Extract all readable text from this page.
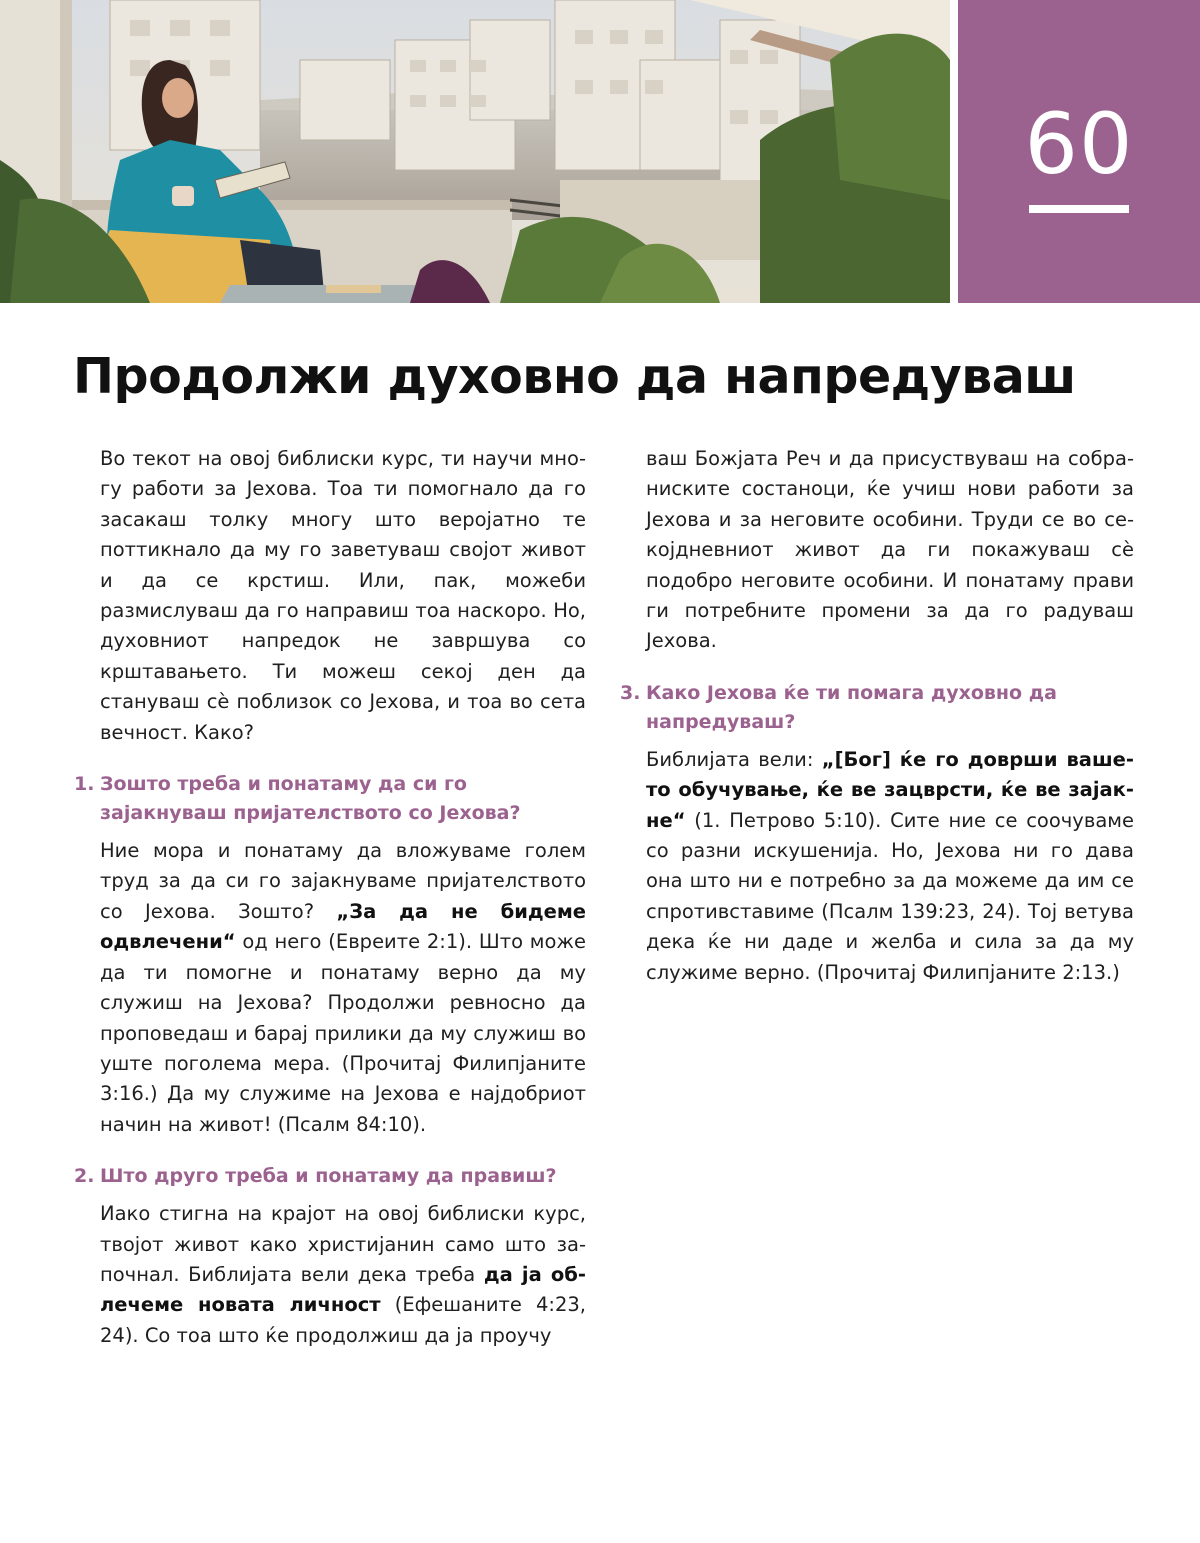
60
Продолжи духовно да напредуваш

Во текот на овој библиски курс, ти научи многу работи за Јехова. Тоа ти помогнало да го засакаш толку многу што веројатно те поттикнало да му го заветуваш својот живот и да се крстиш. Или, пак, можеби размислуваш да го направиш тоа наскоро. Но, духовниот напредок не завршува со крштавањето. Ти можеш секој ден да стануваш сѐ поблизок со Јехова, и тоа во сета вечност. Како?

1. Зошто треба и понатаму да си го зајакнуваш пријателството со Јехова?

Ние мора и понатаму да вложуваме голем труд за да си го зајакнуваме пријателството со Јехова. Зошто? „За да не бидеме одвлечени“ од него (Евреите 2:1). Што може да ти помогне и понатаму верно да му служиш на Јехова? Продолжи ревносно да проповедаш и барај прилики да му служиш во уште поголема мера. (Прочитај Филипјаните 3:16.) Да му служиме на Јехова е најдобриот начин на живот! (Псалм 84:10).

2. Што друго треба и понатаму да правиш?

Иако стигна на крајот на овој библиски курс, твојот живот како христијанин само што започнал. Библијата вели дека треба да ја облечеме новата личност (Ефешаните 4:23, 24). Со тоа што ќе продолжиш да ја проучу

ваш Божјата Реч и да присуствуваш на собраниските состаноци, ќе учиш нови работи за Јехова и за неговите особини. Труди се во секојдневниот живот да ги покажуваш сѐ подобро неговите особини. И понатаму прави ги потребните промени за да го радуваш Јехова.

3. Како Јехова ќе ти помага духовно да напредуваш?

Библијата вели: „[Бог] ќе го доврши вашето обучување, ќе ве зацврсти, ќе ве зајакне“ (1. Петрово 5:10). Сите ние се соочуваме со разни искушенија. Но, Јехова ни го дава она што ни е потребно за да можеме да им се спротивставиме (Псалм 139:23, 24). Тој ветува дека ќе ни даде и желба и сила за да му служиме верно. (Прочитај Филипјаните 2:13.)
